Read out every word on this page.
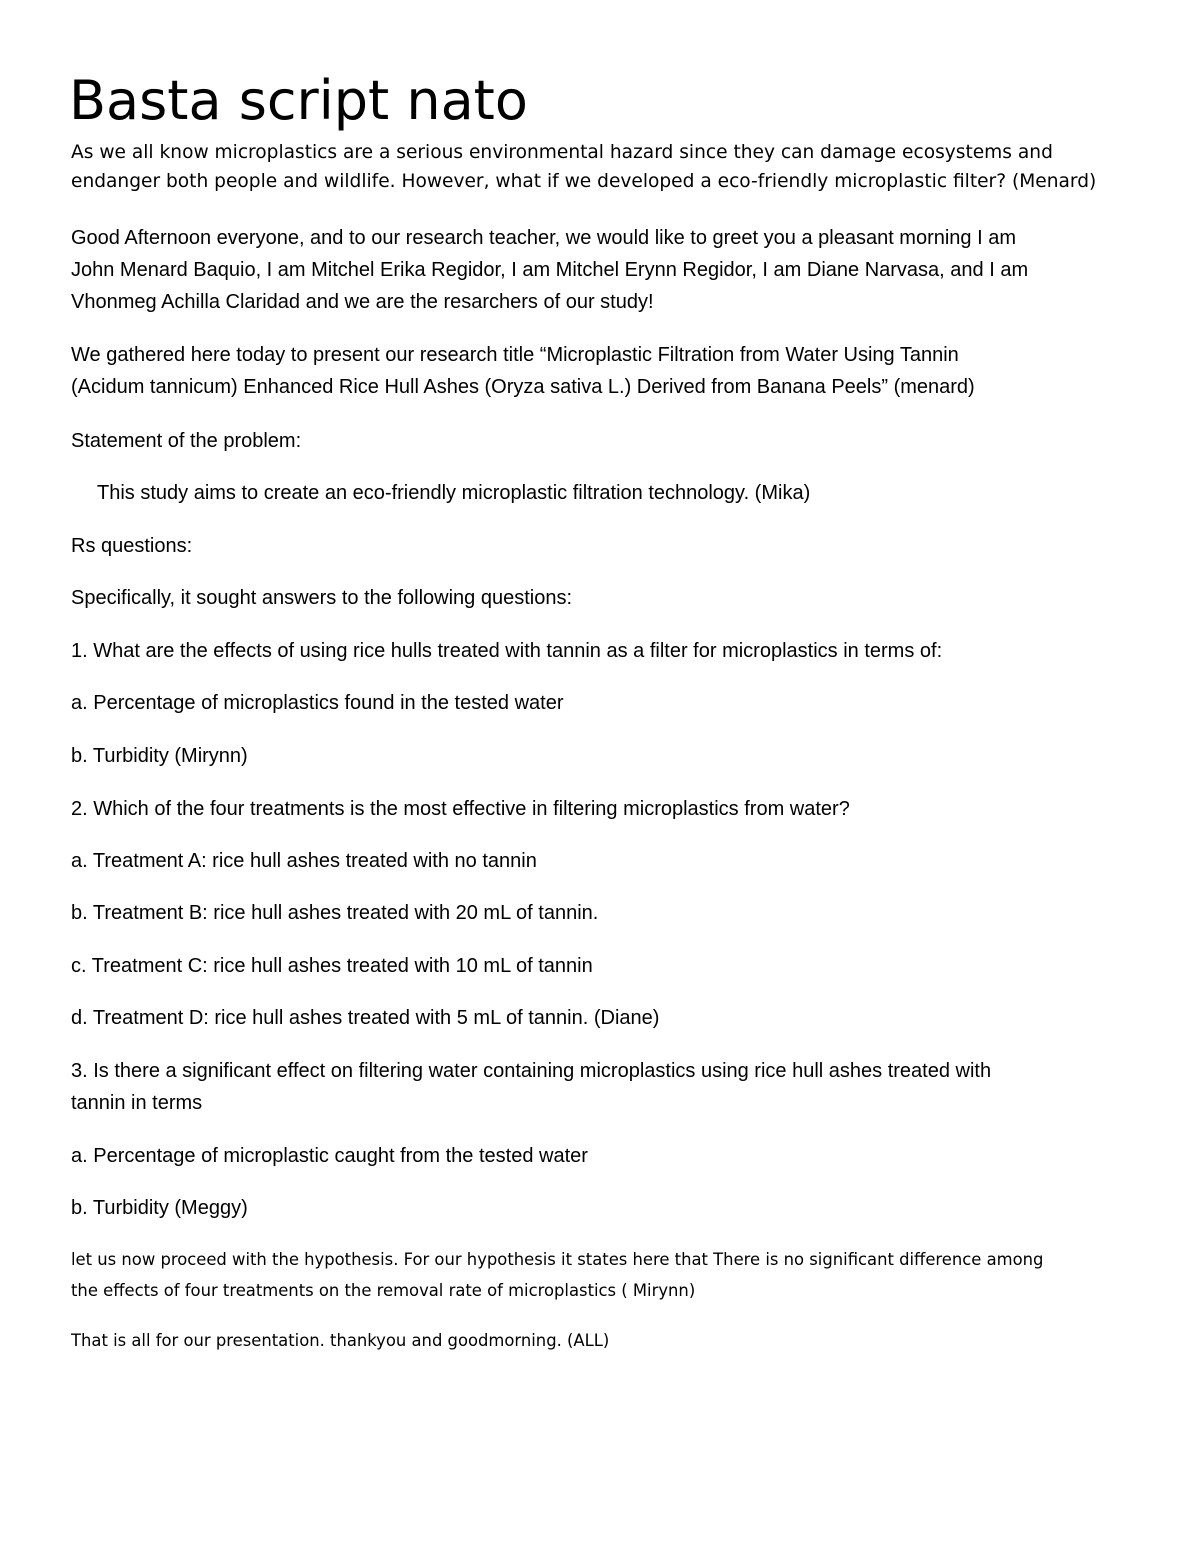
Basta script nato
As we all know microplastics are a serious environmental hazard since they can damage ecosystems and
endanger both people and wildlife. However, what if we developed a eco-friendly microplastic filter? (Menard)
Good Afternoon everyone, and to our research teacher, we would like to greet you a pleasant morning I am
John Menard Baquio, I am Mitchel Erika Regidor, I am Mitchel Erynn Regidor, I am Diane Narvasa, and I am
Vhonmeg Achilla Claridad and we are the resarchers of our study!
We gathered here today to present our research title “Microplastic Filtration from Water Using Tannin
(Acidum tannicum) Enhanced Rice Hull Ashes (Oryza sativa L.) Derived from Banana Peels” (menard)
Statement of the problem:
This study aims to create an eco-friendly microplastic filtration technology. (Mika)
Rs questions:
Specifically, it sought answers to the following questions:
1. What are the effects of using rice hulls treated with tannin as a filter for microplastics in terms of:
a. Percentage of microplastics found in the tested water
b. Turbidity (Mirynn)
2. Which of the four treatments is the most effective in filtering microplastics from water?
a. Treatment A: rice hull ashes treated with no tannin
b. Treatment B: rice hull ashes treated with 20 mL of tannin.
c. Treatment C: rice hull ashes treated with 10 mL of tannin
d. Treatment D: rice hull ashes treated with 5 mL of tannin. (Diane)
3. Is there a significant effect on filtering water containing microplastics using rice hull ashes treated with
tannin in terms
a. Percentage of microplastic caught from the tested water
b. Turbidity (Meggy)
let us now proceed with the hypothesis. For our hypothesis it states here that There is no significant difference among
the effects of four treatments on the removal rate of microplastics ( Mirynn)
That is all for our presentation. thankyou and goodmorning. (ALL)
